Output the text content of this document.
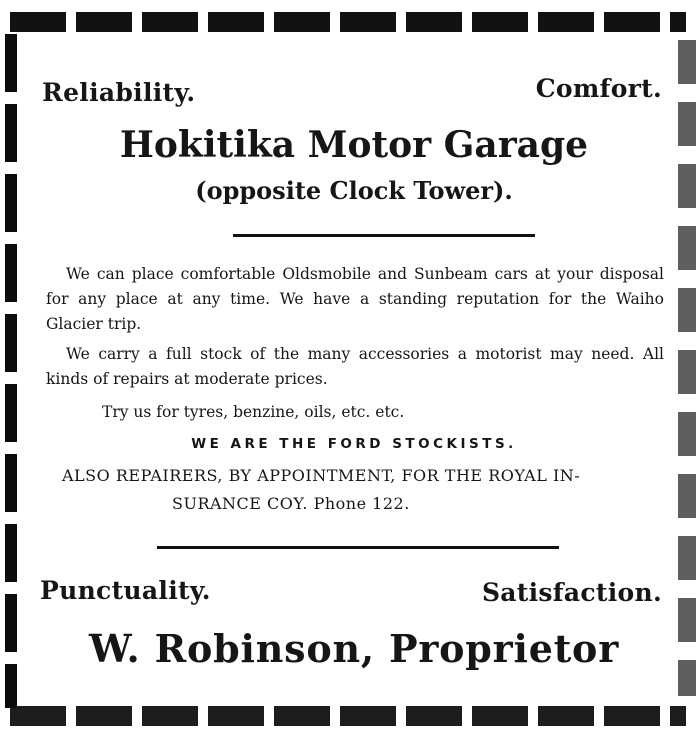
Reliability.	Comfort.
Hokitika Motor Garage
(opposite Clock Tower).

We can place comfortable Oldsmobile and Sunbeam cars at your disposal for any place at any time. We have a standing reputation for the Waiho Glacier trip.

We carry a full stock of the many accessories a motorist may need. All kinds of repairs at moderate prices.

Try us for tyres, benzine, oils, etc. etc.

WE ARE THE FORD STOCKISTS.
ALSO REPAIRERS, BY APPOINTMENT, FOR THE ROYAL IN-
SURANCE COY. Phone 122.
Punctuality.	Satisfaction.
W. Robinson, Proprietor
